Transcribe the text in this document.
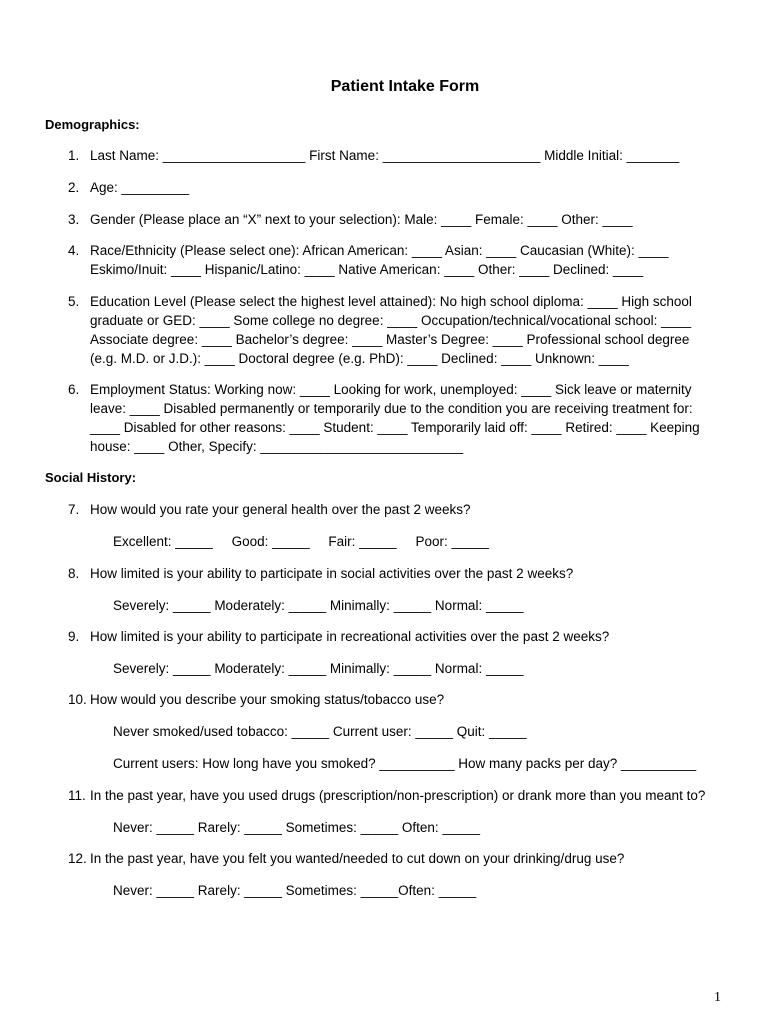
Patient Intake Form
Demographics:
1. Last Name: ___________________ First Name: _____________________ Middle Initial: _______
2. Age: _________
3. Gender (Please place an “X” next to your selection): Male: ____ Female: ____ Other: ____
4. Race/Ethnicity (Please select one): African American: ____ Asian: ____ Caucasian (White): ____
Eskimo/Inuit: ____ Hispanic/Latino: ____ Native American: ____ Other: ____ Declined: ____
5. Education Level (Please select the highest level attained): No high school diploma: ____ High school
graduate or GED: ____ Some college no degree: ____ Occupation/technical/vocational school: ____
Associate degree: ____ Bachelor’s degree: ____ Master’s Degree: ____ Professional school degree
(e.g. M.D. or J.D.): ____ Doctoral degree (e.g. PhD): ____ Declined: ____ Unknown: ____
6. Employment Status: Working now: ____ Looking for work, unemployed: ____ Sick leave or maternity
leave: ____ Disabled permanently or temporarily due to the condition you are receiving treatment for:
____ Disabled for other reasons: ____ Student: ____ Temporarily laid off: ____ Retired: ____ Keeping
house: ____ Other, Specify: ___________________________
Social History:
7. How would you rate your general health over the past 2 weeks?
Excellent: _____     Good: _____     Fair: _____     Poor: _____
8. How limited is your ability to participate in social activities over the past 2 weeks?
Severely: _____ Moderately: _____ Minimally: _____ Normal: _____
9. How limited is your ability to participate in recreational activities over the past 2 weeks?
Severely: _____ Moderately: _____ Minimally: _____ Normal: _____
10. How would you describe your smoking status/tobacco use?
Never smoked/used tobacco: _____ Current user: _____ Quit: _____
Current users: How long have you smoked? __________ How many packs per day? __________
11. In the past year, have you used drugs (prescription/non-prescription) or drank more than you meant to?
Never: _____ Rarely: _____ Sometimes: _____ Often: _____
12. In the past year, have you felt you wanted/needed to cut down on your drinking/drug use?
Never: _____ Rarely: _____ Sometimes: _____Often: _____
1
